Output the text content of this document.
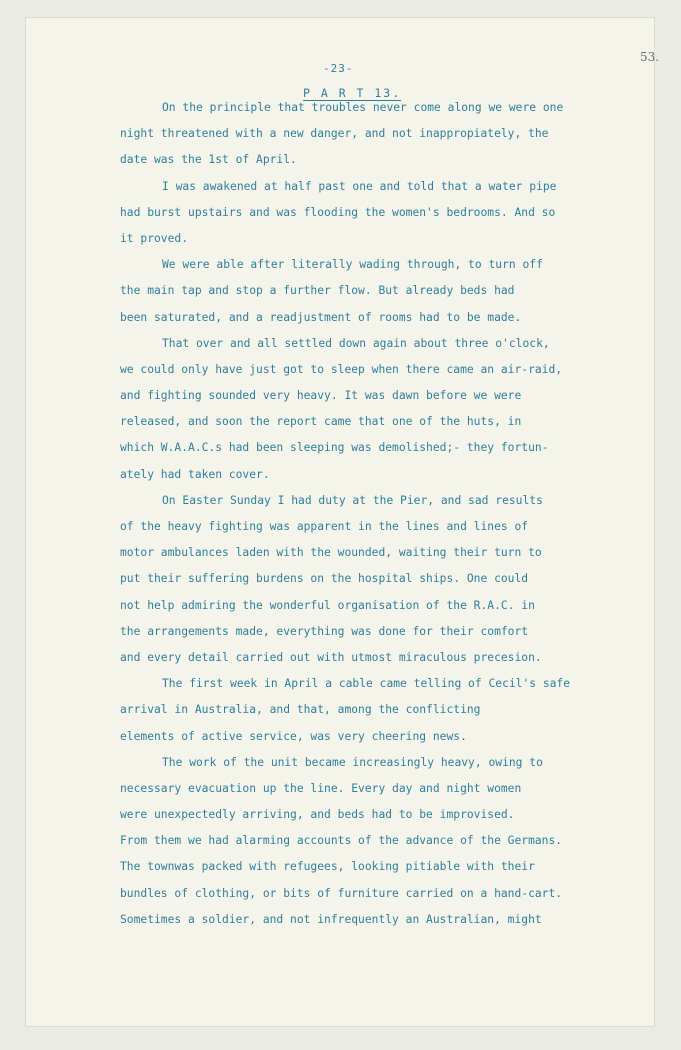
-23-
53.
P A R T 13.
On the principle that troubles never come along we were one
night threatened with a new danger, and not inappropiately, the
date was the 1st of April.
I was awakened at half past one and told that a water pipe
had burst upstairs and was flooding the women's bedrooms. And so
it proved.
We were able after literally wading through, to turn off
the main tap and stop a further flow. But already beds had
been saturated, and a readjustment of rooms had to be made.
That over and all settled down again about three o'clock,
we could only have just got to sleep when there came an air-raid,
and fighting sounded very heavy. It was dawn before we were
released, and soon the report came that one of the huts, in
which W.A.A.C.s had been sleeping was demolished;- they fortun-
ately had taken cover.
On Easter Sunday I had duty at the Pier, and sad results
of the heavy fighting was apparent in the lines and lines of
motor ambulances laden with the wounded, waiting their turn to
put their suffering burdens on the hospital ships. One could
not help admiring the wonderful organisation of the R.A.C. in
the arrangements made, everything was done for their comfort
and every detail carried out with utmost miraculous precesion.
The first week in April a cable came telling of Cecil's safe
arrival in Australia, and that, among the conflicting
elements of active service, was very cheering news.
The work of the unit became increasingly heavy, owing to
necessary evacuation up the line. Every day and night women
were unexpectedly arriving, and beds had to be improvised.
From them we had alarming accounts of the advance of the Germans.
The townwas packed with refugees, looking pitiable with their
bundles of clothing, or bits of furniture carried on a hand-cart.
Sometimes a soldier, and not infrequently an Australian, might
